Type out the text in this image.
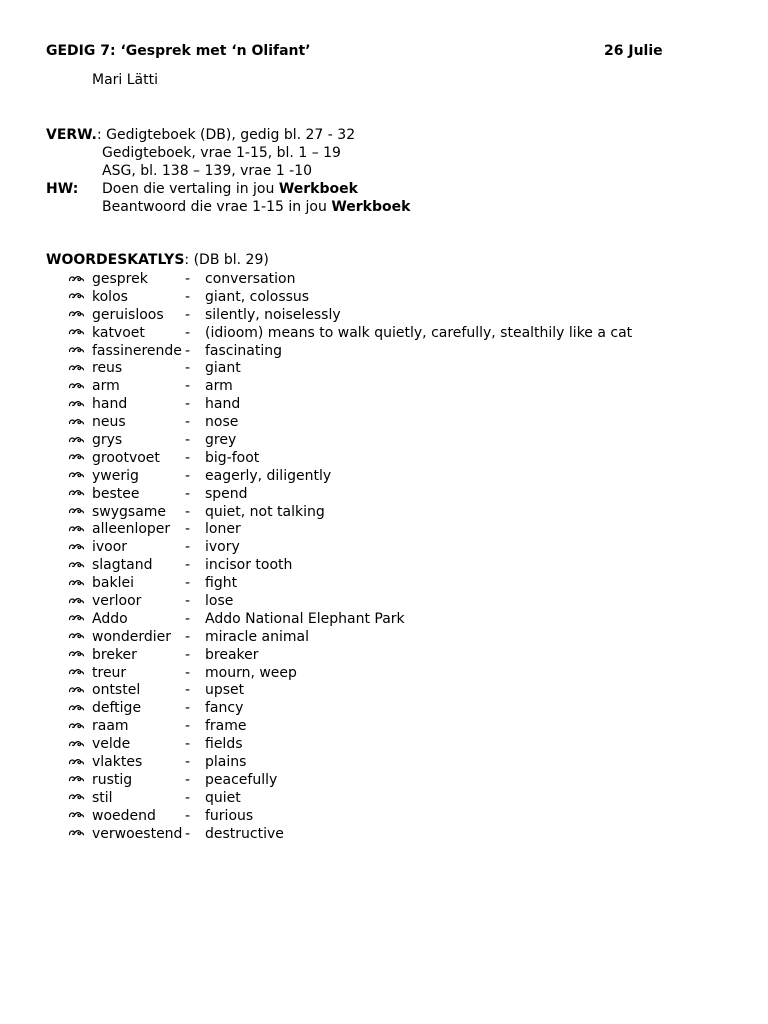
GEDIG 7: ‘Gesprek met ‘n Olifant’	26 Julie
Mari Lätti
VERW. : Gedigteboek (DB), gedig bl. 27 - 32
Gedigteboek, vrae 1-15, bl. 1 – 19
ASG, bl. 138 – 139, vrae 1 -10
HW: Doen die vertaling in jou Werkboek
Beantwoord die vrae 1-15 in jou Werkboek
WOORDESKATLYS: (DB bl. 29)
gesprek	- conversation
kolos	- giant, colossus
geruisloos - silently, noiselessly
katvoet	- (idioom) means to walk quietly, carefully, stealthily like a cat
fassinerende - fascinating
reus	- giant
arm	- arm
hand	- hand
neus	- nose
grys	- grey
grootvoet - big-foot
ywerig	- eagerly, diligently
bestee	- spend
swygsame - quiet, not talking
alleenloper - loner
ivoor	- ivory
slagtand - incisor tooth
baklei	- fight
verloor	- lose
Addo	- Addo National Elephant Park
wonderdier - miracle animal
breker	- breaker
treur	- mourn, weep
ontstel	- upset
deftige	- fancy
raam	- frame
velde	- fields
vlaktes	- plains
rustig	- peacefully
stil	- quiet
woedend - furious
verwoestend - destructive
